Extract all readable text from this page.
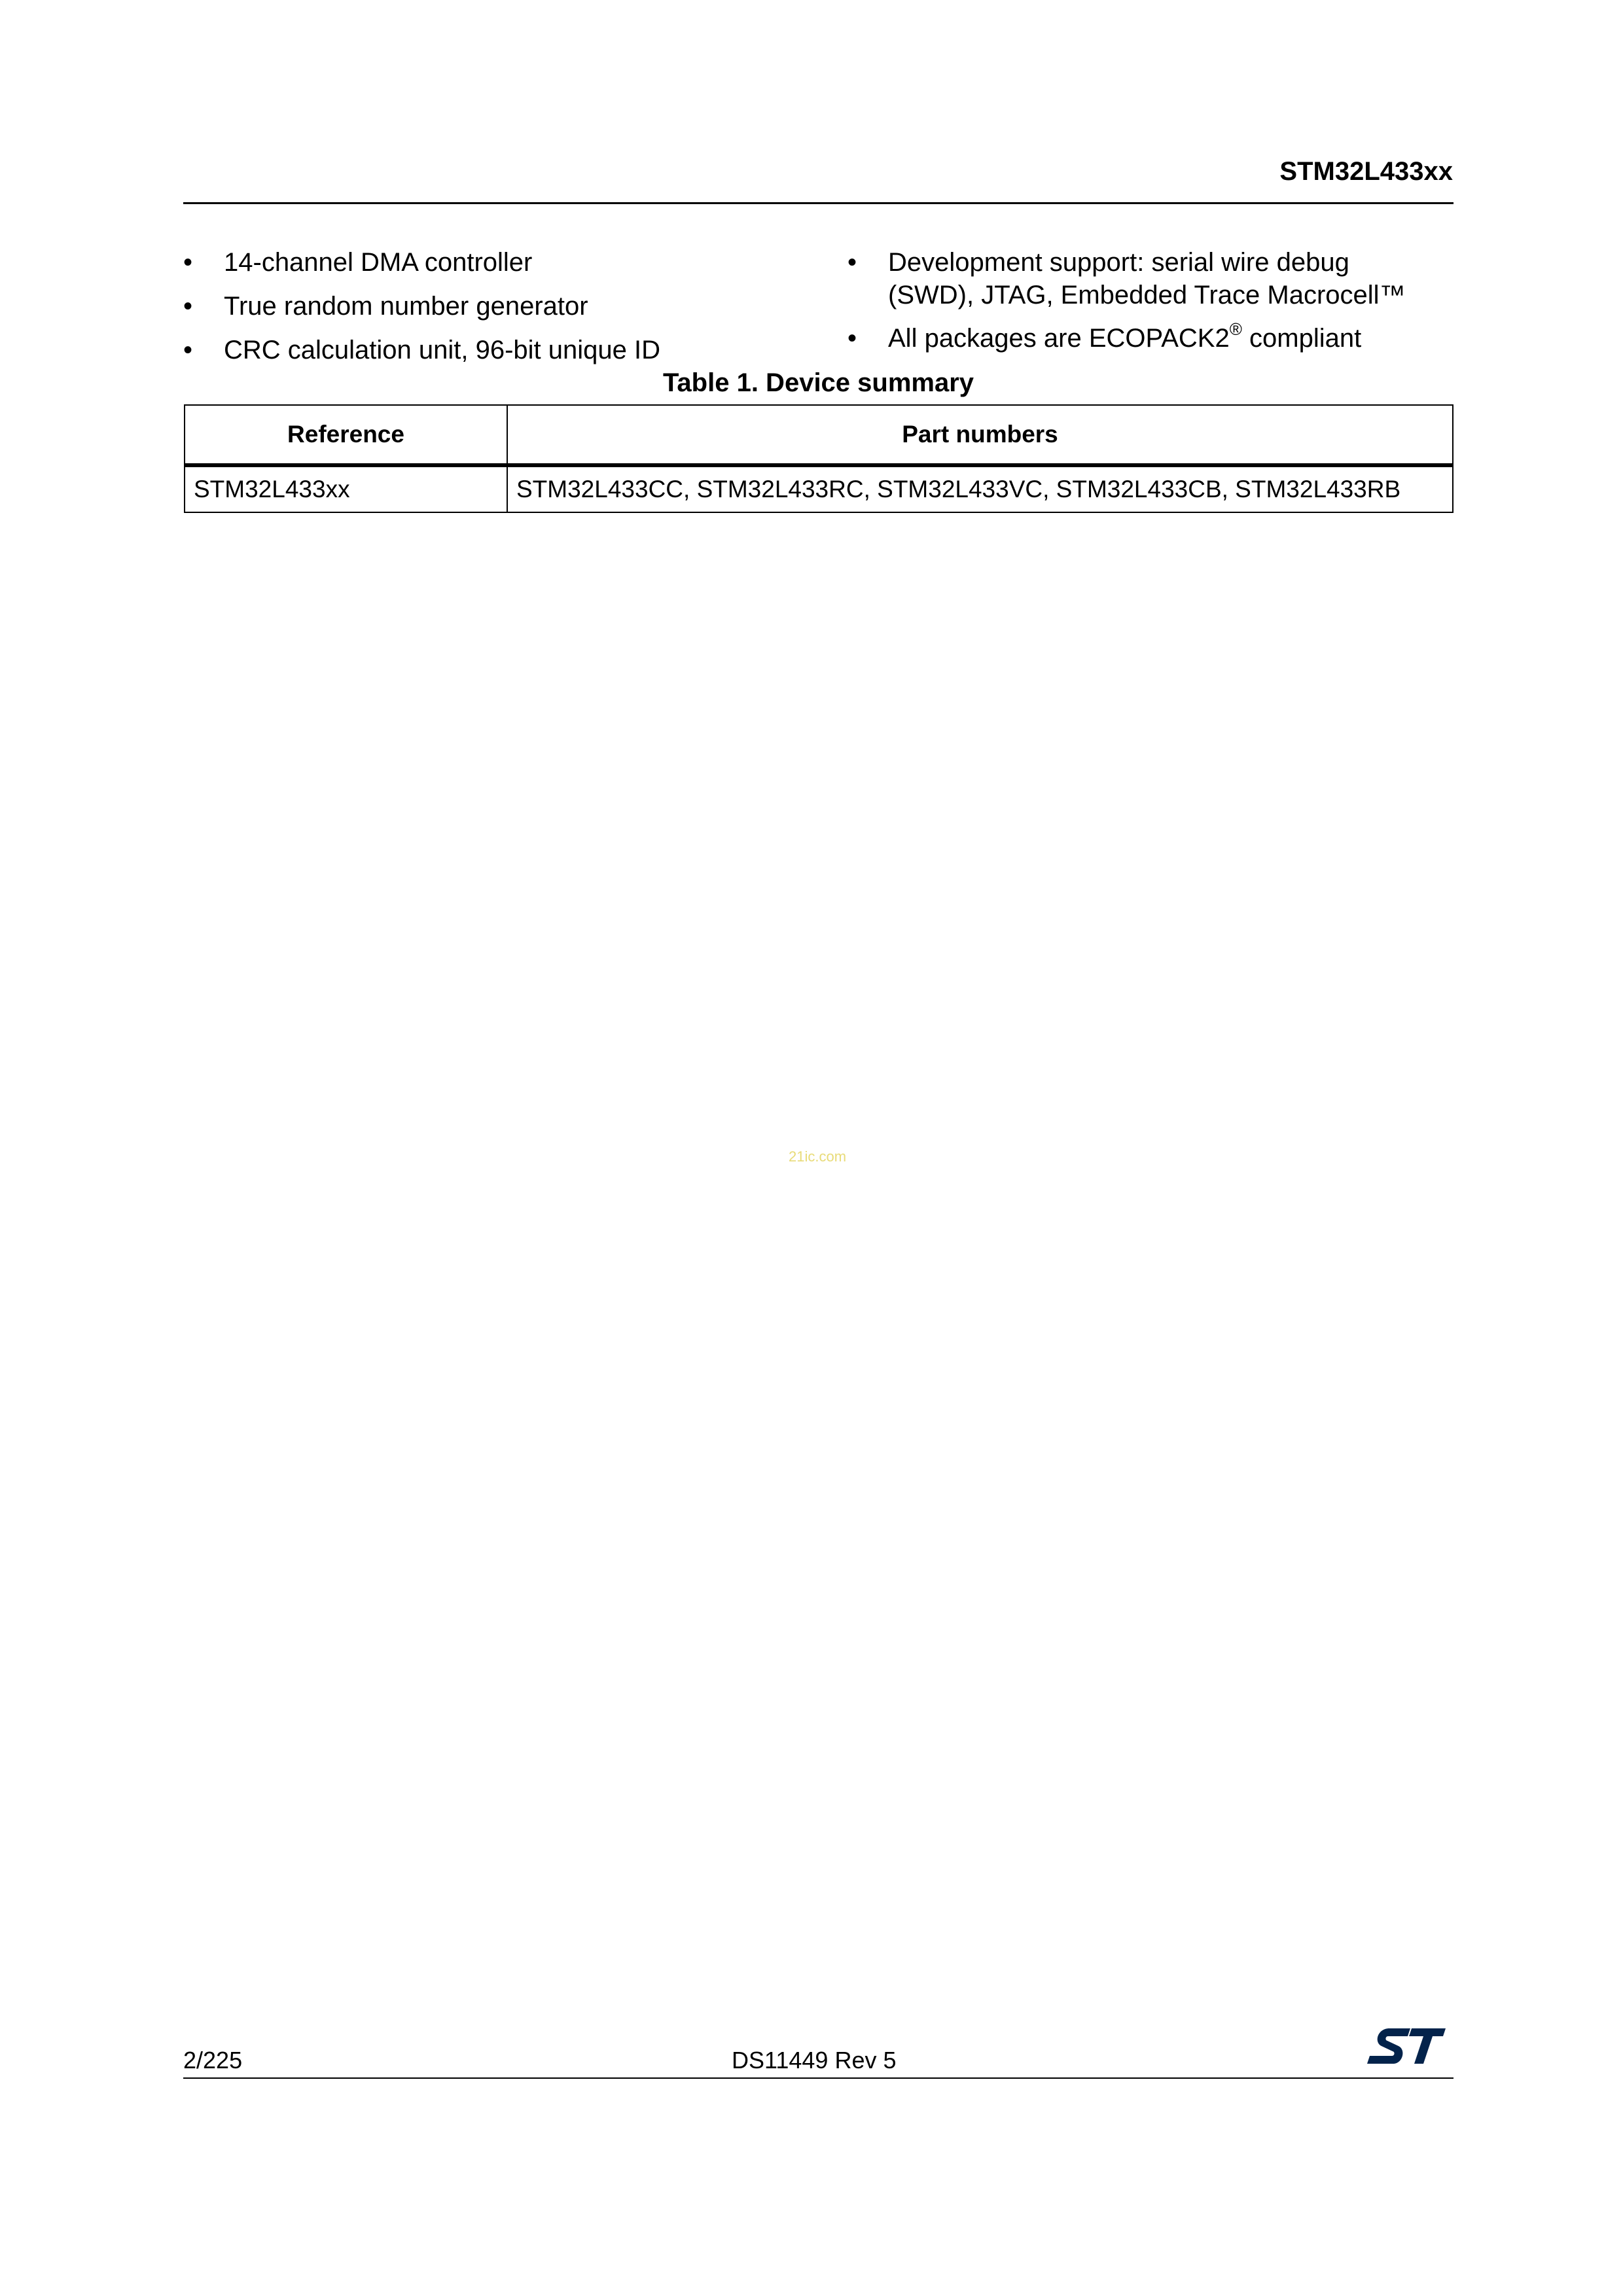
STM32L433xx
•	14-channel DMA controller
•	True random number generator
•	CRC calculation unit, 96-bit unique ID
•	Development support: serial wire debug
(SWD), JTAG, Embedded Trace Macrocell™
•	All packages are ECOPACK2® compliant
Table 1. Device summary
Reference	Part numbers
STM32L433xx	STM32L433CC, STM32L433RC, STM32L433VC, STM32L433CB, STM32L433RB
21ic.com
2/225	DS11449 Rev 5
